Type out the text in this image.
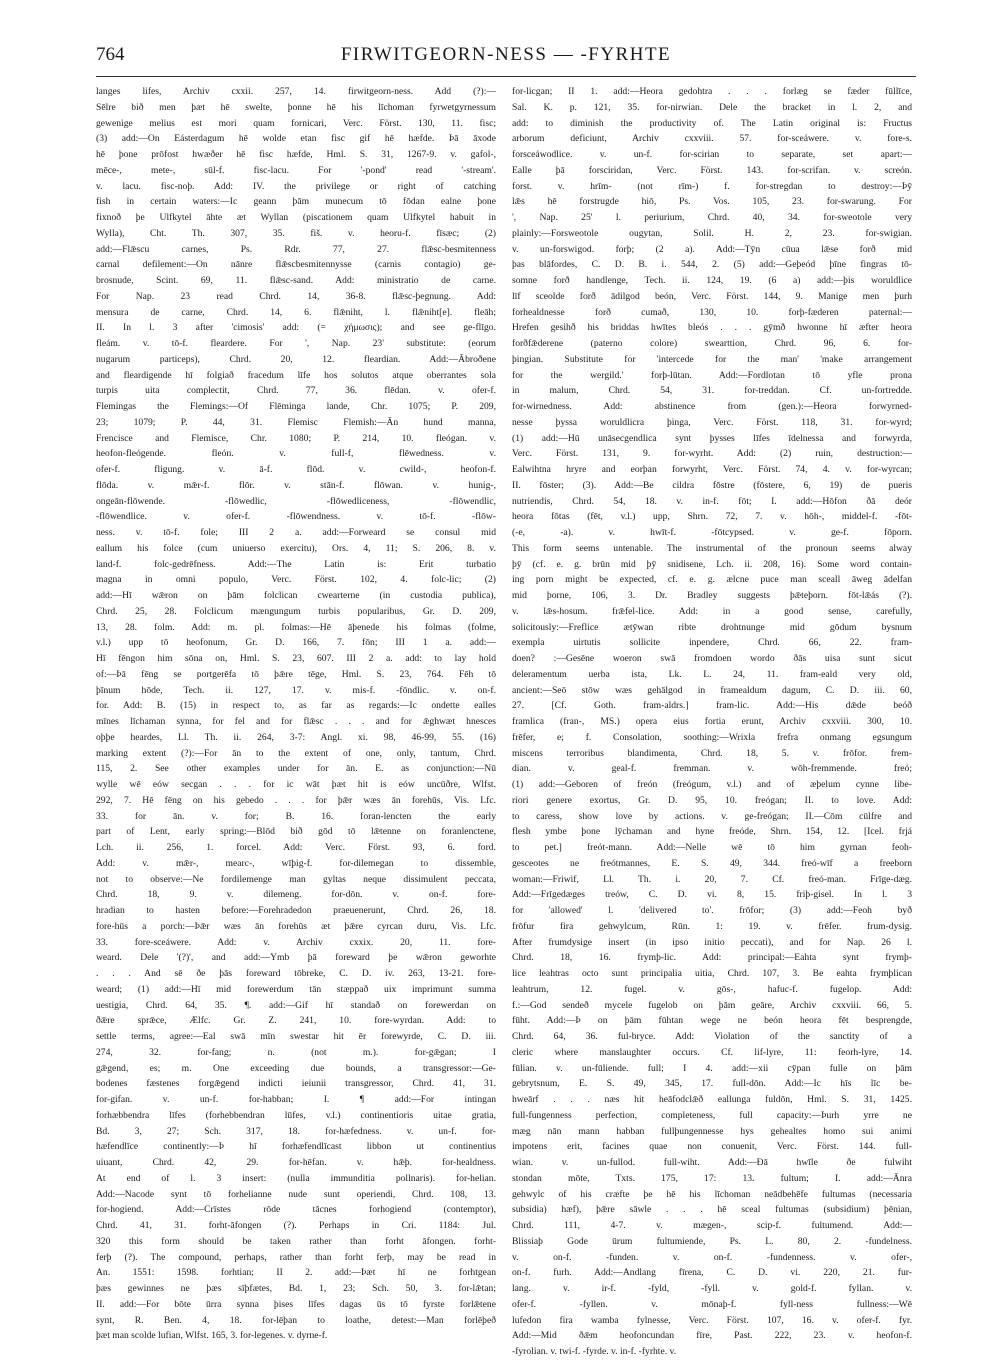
764	FIRWITGEORN-NESS — -FYRHTE
langes lifes, Archiv cxxii. 257, 14. firwitgeorn-ness. Add (?):—
Sēlre bið men þæt hē swelte, þonne hē his līchoman fyrwetgyrnessum
gewenige melius est mori quam fornicari, Verc. Först. 130, 11. fisc;
(3) add:—On Eásterdagum hē wolde etan fisc gif hē hæfde. Þā āxode
hē þone prōfost hwæðer hē fisc hæfde, Hml. S. 31, 1267-9. v. gafol-,
mēce-, mete-, sūl-f. fisc-lacu. For '-pond' read '-stream'.
v. lacu. fisc-noþ. Add: IV. the privilege or right of catching
fish in certain waters:—Ic geann þām munecum tō fōdan ealne þone
fixnoð þe Ulfkytel āhte æt Wyllan (piscationem quam Ulfkytel habuit in
Wylla), Cht. Th. 307, 35. fiš. v. heoru-f. fīsæc; (2)
add:—Flǣscu carnes, Ps. Rdr. 77, 27. flǣsc-besmitenness
carnal defilement:—On nānre flǣscbesmitennysse (carnis contagio) ge-
brosnude, Scint. 69, 11. flǣsc-sand. Add: ministratio de carne.
For Nap. 23 read Chrd. 14, 36-8. flǣsc-þegnung. Add:
mensura de carne, Chrd. 14, 6. flǣniht, l. flǣniht[e]. fleāh;
II. In l. 3 after 'cimosis' add: (= χήμωσις); and see ge-flīgo.
fleám. v. tō-f. fleardere. For ', Nap. 23' substitute: (eorum
nugarum particeps), Chrd. 20, 12. fleardian. Add:—Ābroðene
and fleardigende hī folgiað fracedum līfe hos solutos atque oberrantes sola
turpis uita complectit, Chrd. 77, 36. flēdan. v. ofer-f.
Flemingas the Flemings:—Of Flēminga lande, Chr. 1075; P. 209,
23; 1079; P. 44, 31. Flemisc Flemish:—Ān hund manna,
Frencisce and Flemisce, Chr. 1080; P. 214, 10. fleógan. v.
heofon-fleógende. fleón. v. full-f, flēwedness. v.
ofer-f. fligung. v. ā-f. flōd. v. cwild-, heofon-f.
flōda. v. mǣr-f. flōr. v. stān-f. flōwan. v. hunig-,
ongeān-flōwende. -flōwedlic, -flōwedliceness, -flōwendlic,
-flōwendlice. v. ofer-f. -flōwendness. v. tō-f. -flōw-
ness. v. tō-f. fole; III 2 a. add:—Forweard se consul mid
eallum his folce (cum uniuerso exercitu), Ors. 4, 11; S. 206, 8. v.
land-f. folc-gedrēfness. Add:—The Latin is: Erit turbatio
magna in omni populo, Verc. Först. 102, 4. folc-lic; (2)
add:—Hī wǣron on þām folclican cwearterne (in custodia publica),
Chrd. 25, 28. Folclicum mængungum turbis popularibus, Gr. D. 209,
13, 28. folm. Add: m. pl. folmas:—Hē āþenede his folmas (folme,
v.l.) upp tō heofonum, Gr. D. 166, 7. fōn; III 1 a. add:—
Hī fēngon him sōna on, Hml. S. 23, 607. III 2 a. add: to lay hold
of:—Þā fēng se portgerēfa tō þǣre tēge, Hml. S. 23, 764. Fēh tō
þīnum hōde, Tech. ii. 127, 17. v. mis-f. -fōndlic. v. on-f.
for. Add: B. (15) in respect to, as far as regards:—Ic ondette ealles
mīnes līchaman synna, for fel and for flǣsc . . . and for ǣghwæt hnesces
oþþe heardes, Ll. Th. ii. 264, 3-7: Angl. xi. 98, 46-99, 55. (16)
marking extent (?):—For ān to the extent of one, only, tantum, Chrd.
115, 2. See other examples under for ān. E. as conjunction:—Nū
wylle wē eów secgan . . . for ic wāt þæt hit is eów uncūðre, Wlfst.
292, 7. Hē fēng on his gebedo . . . for þǣr wæs ān forehūs, Vis. Lfc.
33. for ān. v. for; B. 16. foran-lencten the early
part of Lent, early spring:—Blōd bið gōd tō lǣtenne on foranlenctene,
Lch. ii. 256, 1. forcel. Add: Verc. Först. 93, 6. ford.
Add: v. mǣr-, mearc-, wīþig-f. for-dilemegan to dissemble,
not to observe:—Ne fordilemenge man gyltas neque dissimulent peccata,
Chrd. 18, 9. v. dilemeng. for-dōn. v. on-f. fore-
hradian to hasten before:—Forehradedon praeuenerunt, Chrd. 26, 18.
fore-hūs a porch:—Þǣr wæs ān forehūs æt þǣre cyrcan duru, Vis. Lfc.
33. fore-sceáwere. Add: v. Archiv cxxix. 20, 11. fore-
weard. Dele '(?)', and add:—Ymb þā foreward þe wǣron geworhte
. . . And sē ðe þās foreward tōbreke, C. D. iv. 263, 13-21. fore-
weard; (1) add:—Hī mid forewerdum tān stæppað uix imprimunt summa
uestigia, Chrd. 64, 35. ¶. add:—Gif hī standað on forewerdan on
ðǣre sprǣce, Ælfc. Gr. Z. 241, 10. fore-wyrdan. Add: to
settle terms, agree:—Eal swā mīn swestar hit ēr forewyrde, C. D. iii.
274, 32. for-fang; n. (not m.). for-gǣgan; I
gǣgend, es; m. One exceeding due bounds, a transgressor:—Ge-
bodenes fæstenes forgǣgend indicti ieiunii transgressor, Chrd. 41, 31.
for-gifan. v. un-f. for-habban; I. ¶ add:—For intingan
forhæbbendra līfes (forhebbendran lūfes, v.l.) continentioris uitae gratia,
Bd. 3, 27; Sch. 317, 18. for-hæfedness. v. un-f. for-
hæfendlīce continently:—Þ hī forhæfendlīcast libbon ut continentius
uiuant, Chrd. 42, 29. for-hēfan. v. hǣþ. for-healdness.
At end of l. 3 insert: (nulla immunditia pollnaris). for-helian.
Add:—Nacode synt tō forhelianne nude sunt operiendi, Chrd. 108, 13.
for-hogiend. Add:—Crīstes rōde tācnes forhogiend (contemptor),
Chrd. 41, 31. forht-āfongen (?). Perhaps in Cri. 1184: Jul.
320 this form should be taken rather than forht āfongen. forht-
ferþ (?). The compound, perhaps, rather than forht ferþ, may be read in
An. 1551: 1598. forhtian; II 2. add:—Þæt hī ne forhtgean
þæs gewinnes ne þæs sīþfætes, Bd. 1, 23; Sch. 50, 3. for-lǣtan;
II. add:—For bōte ūrra synna þises līfes dagas ūs tō fyrste forlǣtene
synt, R. Ben. 4, 18. for-lēþan to loathe, detest:—Man forlēþeð
þæt man scolde lufian, Wlfst. 165, 3. for-legenes. v. dyrne-f.
for-licgan; II 1. add:—Heora gedohtra . . . forlæg se fæder fūllīce,
Sal. K. p. 121, 35. for-nirwian. Dele the bracket in l. 2, and
add: to diminish the productivity of. The Latin original is: Fructus
arborum deficiunt, Archiv cxxviii. 57. for-sceáwere. v. fore-s.
forsceáwodlice. v. un-f. for-scirian to separate, set apart:—
Ealle þā forsciridan, Verc. Först. 143. for-scrifan. v. screón.
forst. v. hrīm- (not rīm-) f. for-stregdan to destroy:—Þȳ
lǣs hē forstrugde hiō, Ps. Vos. 105, 23. for-swarung. For
', Nap. 25' l. periurium, Chrd. 40, 34. for-sweotole very
plainly:—Forsweotole ougytan, Solil. H. 2, 23. for-swigian.
v. un-forswigod. forþ; (2 a). Add:—Tȳn cūua lǣse forð mid
þas blāfordes, C. D. B. i. 544, 2. (5) add:—Geþeód þīne fingras tō-
somne forð handlenge, Tech. ii. 124, 19. (6 a) add:—þis woruldlice
līf sceolde forð ādilgod beón, Verc. Först. 144, 9. Manige men þurh
forhealdnesse forð cumað, 130, 10. forþ-fæderen paternal:—
Hrefen gesihð his briddas hwītes bleós . . . gȳmð hwonne hī æfter heora
forðfǣderene (paterno colore) swearttion, Chrd. 96, 6. for-
þingian. Substitute for 'intercede for the man' 'make arrangement
for the wergild.' forþ-lūtan. Add:—Fordlotan tō yfle prona
in malum, Chrd. 54, 31. for-treddan. Cf. un-fortredde.
for-wirnedness. Add: abstinence from (gen.):—Heora forwyrned-
nesse þyssa woruldlicra þinga, Verc. Först. 118, 31. for-wyrd;
(1) add:—Hū unāsecgendlica synt þysses līfes īdelnessa and forwyrda,
Verc. Först. 131, 9. for-wyrht. Add: (2) ruin, destruction:—
Ealwihtna hryre and eorþan forwyrht, Verc. Först. 74, 4. v. for-wyrcan;
II. fōster; (3). Add:—Be cildra fōstre (fōstere, 6, 19) de pueris
nutriendis, Chrd. 54, 18. v. in-f. fōt; I. add:—Hōfon ðā deór
heora fōtas (fēt, v.l.) upp, Shrn. 72, 7. v. hōh-, middel-f. -fōt-
(-e, -a). v. hwīt-f. -fōtcypsed. v. ge-f. fōporn.
This form seems untenable. The instrumental of the pronoun seems alway
þȳ (cf. e. g. brūn mid þȳ snidisene, Lch. ii. 208, 16). Some word contain-
ing porn might be expected, cf. e. g. ælcne puce man sceall āweg ādelfan
mid þorne, 106, 3. Dr. Bradley suggests þǣteþorn. fōt-lǣás (?).
v. lǣs-hosum. frǣfel-lice. Add: in a good sense, carefully,
solicitously:—Freflice ætȳwan ribte drohtnunge mid gōdum bysnum
exempla uirtutis sollicite inpendere, Chrd. 66, 22. fram-
doen? :—Gesēne woeron swā fromdoen wordo ðās uisa sunt sicut
deleramentum uerba ista, Lk. L. 24, 11. fram-eald very old,
ancient:—Seō stōw wæs gehālgod in framealdum dagum, C. D. iii. 60,
27. [Cf. Goth. fram-aldrs.] fram-lic. Add:—His dǣde beóð
framlica (fran-, MS.) opera eius fortia erunt, Archiv cxxviii. 300, 10.
frēfer, e; f. Consolation, soothing:—Wrixla frefra onmang egsungum
miscens terroribus blandimenta, Chrd. 18, 5. v. frōfor. frem-
dian. v. geal-f. fremman. v. wōh-fremmende. freó;
(1) add:—Geboren of freón (freógum, v.l.) and of æþelum cynne libe-
riori genere exortus, Gr. D. 95, 10. freógan; II. to love. Add:
to caress, show love by actions. v. ge-freógan; II.—Cōm cūlfre and
flesh ymbe þone lȳchaman and hyne freóde, Shrn. 154, 12. [Icel. frjá
to pet.] freót-mann. Add:—Nelle wē tō him gyrnan feoh-
gesceotes ne freótmannes, E. S. 49, 344. freó-wīf a freeborn
woman:—Friwif, Ll. Th. i. 20, 7. Cf. freó-man. Frīge-dæg.
Add:—Frīgedæges treów, C. D. vi. 8, 15. friþ-gisel. In l. 3
for 'allowed' l. 'delivered to'. frōfor; (3) add:—Feoh byð
frōfur fira gehwylcum, Rūn. 1: 19. v. frēfer. frum-dysig.
After frumdysige insert (in ipso initio peccati), and for Nap. 26 l.
Chrd. 18, 16. frymþ-lic. Add: principal:—Eahta synt frymþ-
lice leahtras octo sunt principalia uitia, Chrd. 107, 3. Be eahta frymþlican
leahtrum, 12. fugel. v. gōs-, hafuc-f. fugelop. Add:
f.:—God sendeð mycele fugelob on þām geāre, Archiv cxxviii. 66, 5.
fūht. Add:—Þ on þām fūhtan wege ne beón heora fēt besprengde,
Chrd. 64, 36. ful-bryce. Add: Violation of the sanctity of a
cleric where manslaughter occurs. Cf. lif-lyre, 11: feorh-lyre, 14.
fūlian. v. un-fūliende. full; I 4. add:—xii cȳpan fulle on þām
gebrytsnum, E. S. 49, 345, 17. full-dōn. Add:—Ic hīs līc be-
hweārf . . . næs hit heāfodclǣð eallunga fuldōn, Hml. S. 31, 1425.
full-fungenness perfection, completeness, full capacity:—Þurh yrre ne
mæg nān mann habban fullþungennesse hys gehealtes homo sui animi
impotens erit, facines quae non conuenit, Verc. Först. 144. full-
wian. v. un-fullod. full-wiht. Add:—Ðā hwīle ðe fulwiht
stondan mōte, Txts. 175, 17: 13. fultum; I. add:—Ānra
gehwylc of his cræfte þe hē his līchoman neādbehēfe fultumas (necessaria
subsidia) hæf), þǣre sāwle . . . hē sceal fultumas (subsidium) þēnian,
Chrd. 111, 4-7. v. mægen-, scip-f. fultumend. Add:—
Blissiaþ Gode ūrum fultumiende, Ps. L. 80, 2. -fundelness.
v. on-f. -funden. v. on-f. -fundenness. v. ofer-,
on-f. furh. Add:—Andlang fīrena, C. D. vi. 220, 21. fur-
lang. v. ir-f. -fyld, -fyll. v. gold-f. fyllan. v.
ofer-f. -fyllen. v. mōnaþ-f. fyll-ness fullness:—Wē
lufedon fira wamba fylnesse, Verc. Först. 107, 16. v. ofer-f. fyr.
Add:—Mid ðǣm heofoncundan fīre, Past. 222, 23. v. heofon-f.
-fyrolian. v. twi-f. -fyrde. v. in-f. -fyrhte. v.
